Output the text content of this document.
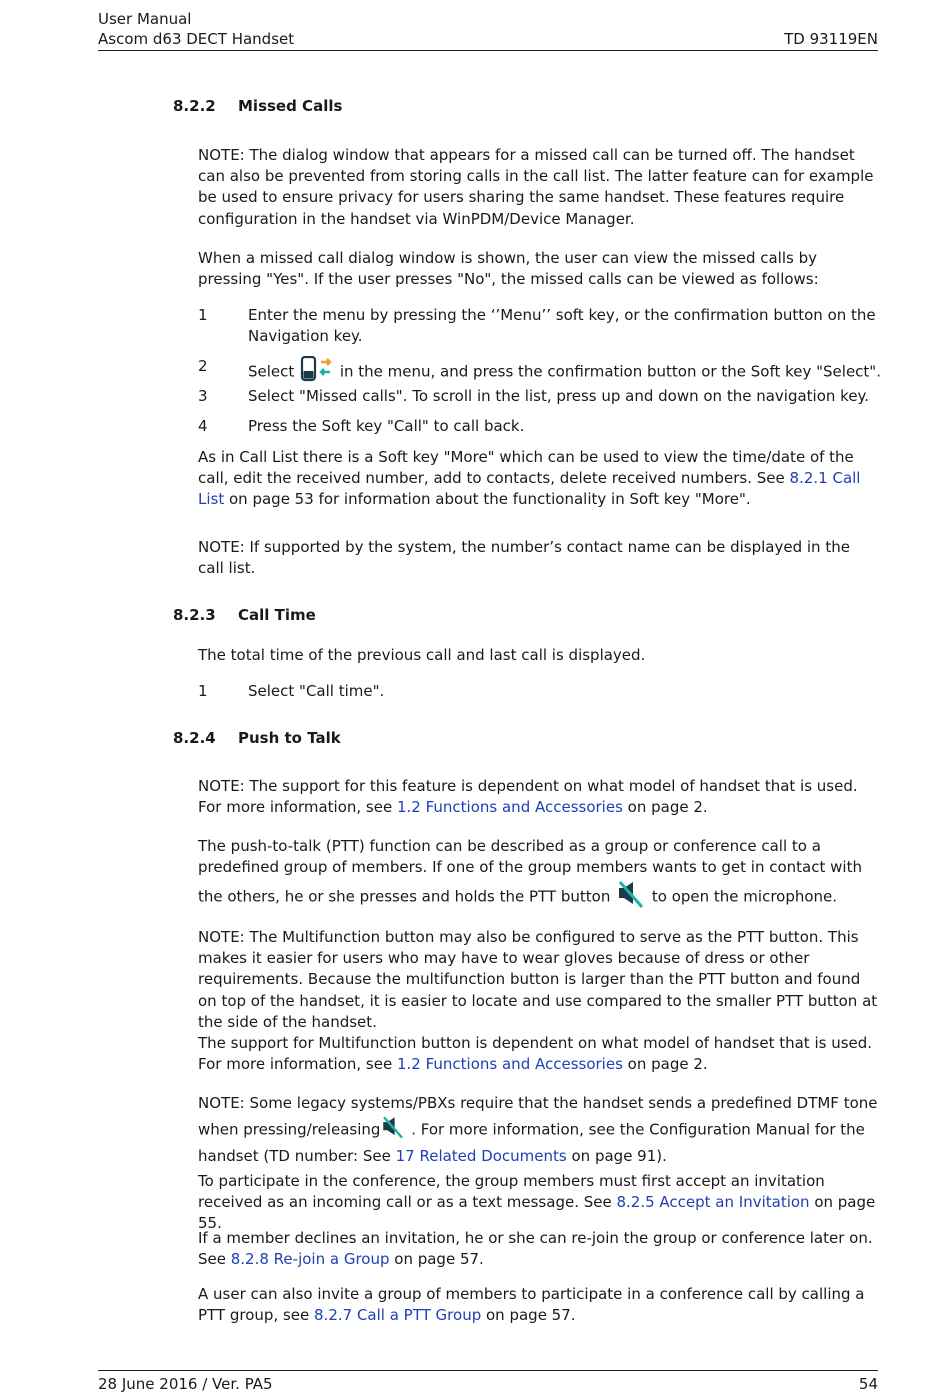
User Manual
Ascom d63 DECT Handset	TD 93119EN
8.2.2 Missed Calls

NOTE: The dialog window that appears for a missed call can be turned off. The handset can also be prevented from storing calls in the call list. The latter feature can for example be used to ensure privacy for users sharing the same handset. These features require configuration in the handset via WinPDM/Device Manager.

When a missed call dialog window is shown, the user can view the missed calls by pressing "Yes". If the user presses "No", the missed calls can be viewed as follows:

1	Enter the menu by pressing the ‘’Menu’’ soft key, or the confirmation button on the Navigation key.
2	Select	in the menu, and press the confirmation button or the Soft key "Select".
3	Select "Missed calls". To scroll in the list, press up and down on the navigation key.
4	Press the Soft key "Call" to call back.

As in Call List there is a Soft key "More" which can be used to view the time/date of the call, edit the received number, add to contacts, delete received numbers. See 8.2.1 Call List on page 53 for information about the functionality in Soft key "More".

NOTE: If supported by the system, the number’s contact name can be displayed in the call list.

8.2.3 Call Time

The total time of the previous call and last call is displayed.

1	Select "Call time".
8.2.4 Push to Talk

NOTE: The support for this feature is dependent on what model of handset that is used. For more information, see 1.2 Functions and Accessories on page 2.

The push-to-talk (PTT) function can be described as a group or conference call to a predefined group of members. If one of the group members wants to get in contact with the others, he or she presses and holds the PTT button  to open the microphone.

NOTE: The Multifunction button may also be configured to serve as the PTT button. This makes it easier for users who may have to wear gloves because of dress or other requirements. Because the multifunction button is larger than the PTT button and found on top of the handset, it is easier to locate and use compared to the smaller PTT button at the side of the handset.

The support for Multifunction button is dependent on what model of handset that is used. For more information, see 1.2 Functions and Accessories on page 2.

NOTE: Some legacy systems/PBXs require that the handset sends a predefined DTMF tone when pressing/releasing . For more information, see the Configuration Manual for the handset (TD number: See 17 Related Documents on page 91).

To participate in the conference, the group members must first accept an invitation received as an incoming call or as a text message. See 8.2.5 Accept an Invitation on page 55.

If a member declines an invitation, he or she can re-join the group or conference later on. See 8.2.8 Re-join a Group on page 57.

A user can also invite a group of members to participate in a conference call by calling a PTT group, see 8.2.7 Call a PTT Group on page 57.

28 June 2016 / Ver. PA5	54
